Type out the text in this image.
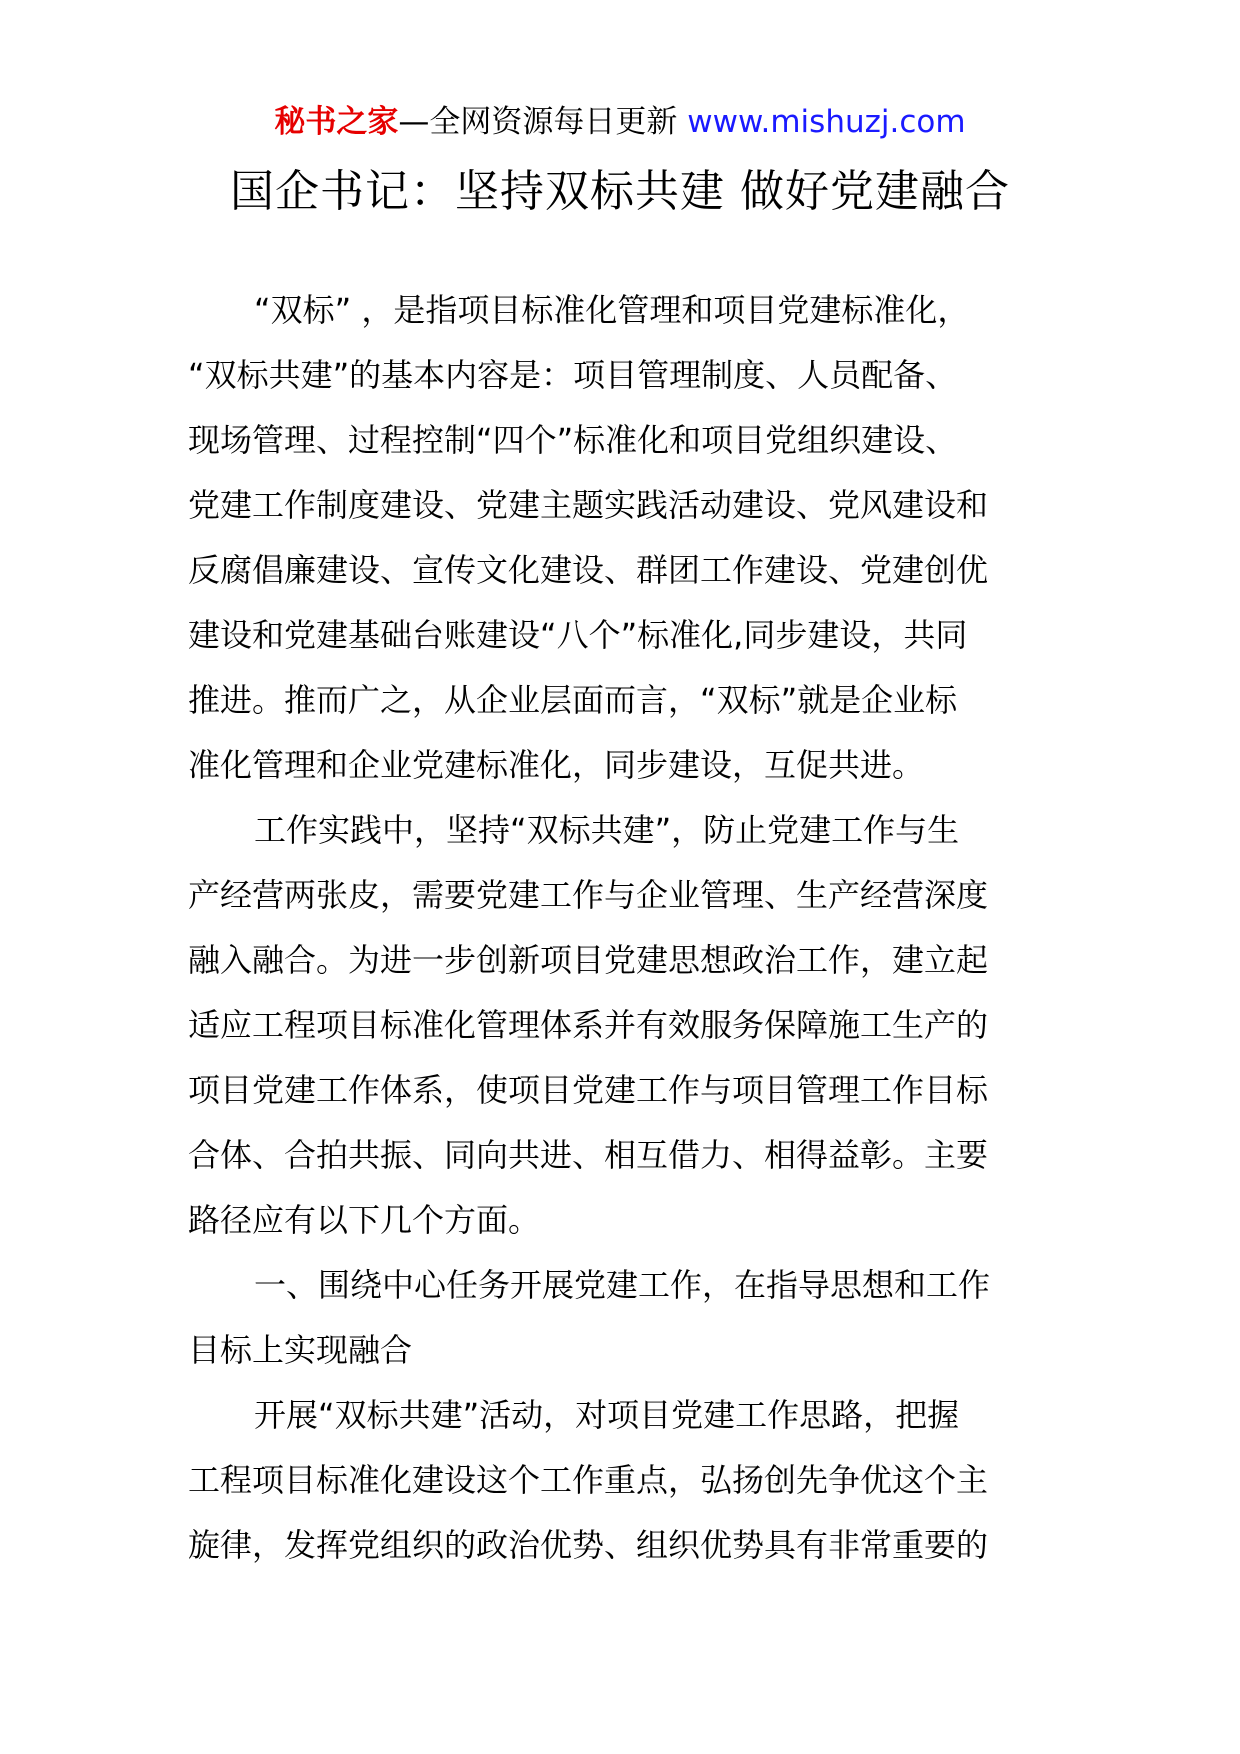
秘书之家—全网资源每日更新 www.mishuzj.com
国企书记：坚持双标共建 做好党建融合
“双标” ，是指项目标准化管理和项目党建标准化，
“双标共建”的基本内容是：项目管理制度、人员配备、
现场管理、过程控制“四个”标准化和项目党组织建设、
党建工作制度建设、党建主题实践活动建设、党风建设和
反腐倡廉建设、宣传文化建设、群团工作建设、党建创优
建设和党建基础台账建设“八个”标准化,同步建设，共同
推进。推而广之，从企业层面而言，“双标”就是企业标
准化管理和企业党建标准化，同步建设，互促共进。
工作实践中，坚持“双标共建”，防止党建工作与生
产经营两张皮，需要党建工作与企业管理、生产经营深度
融入融合。为进一步创新项目党建思想政治工作，建立起
适应工程项目标准化管理体系并有效服务保障施工生产的
项目党建工作体系，使项目党建工作与项目管理工作目标
合体、合拍共振、同向共进、相互借力、相得益彰。主要
路径应有以下几个方面。
一、围绕中心任务开展党建工作，在指导思想和工作
目标上实现融合
开展“双标共建”活动，对项目党建工作思路，把握
工程项目标准化建设这个工作重点，弘扬创先争优这个主
旋律，发挥党组织的政治优势、组织优势具有非常重要的
